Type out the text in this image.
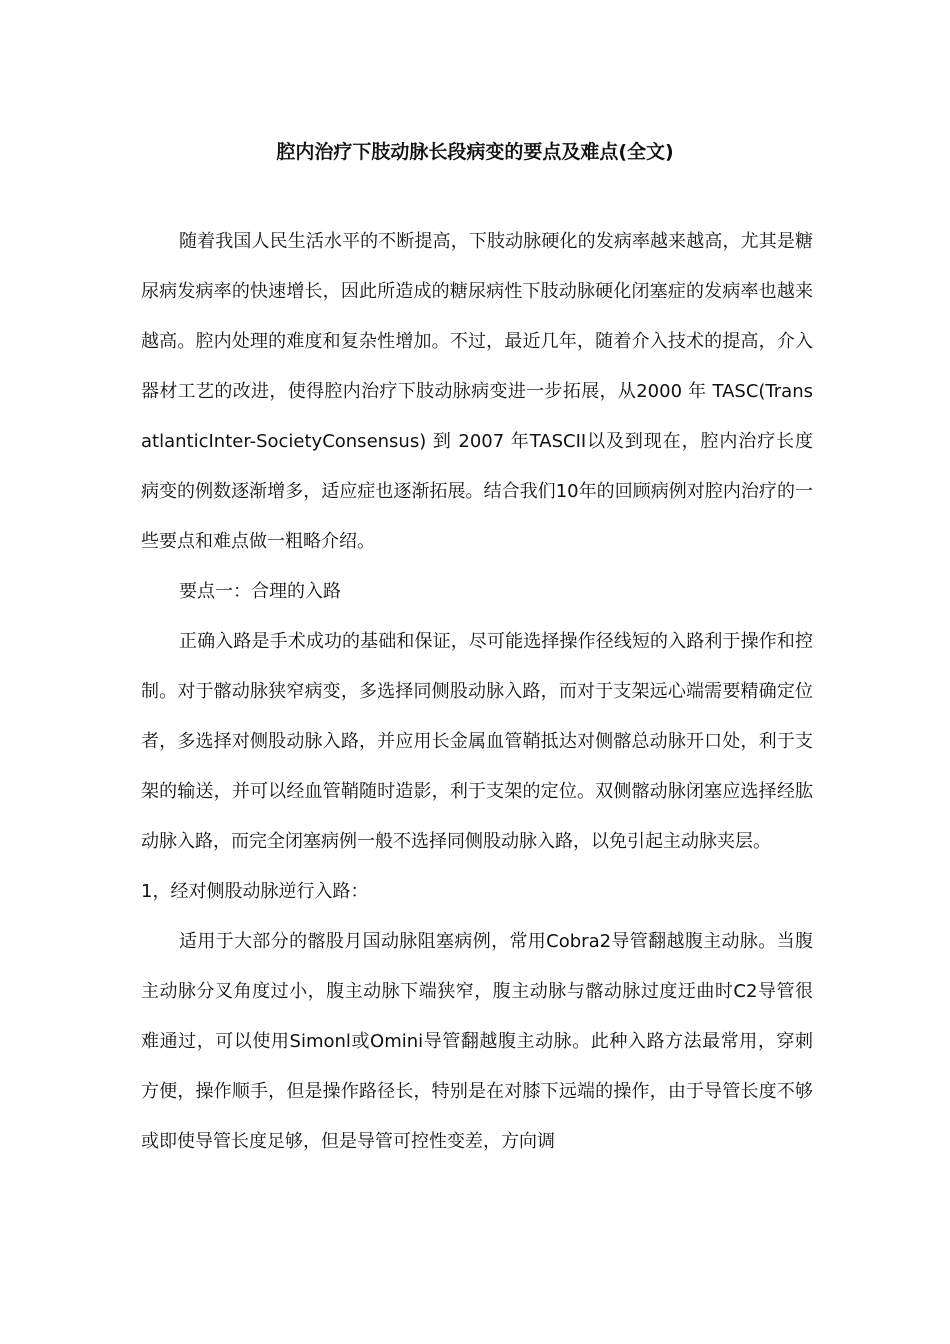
腔内治疗下肢动脉长段病变的要点及难点(全文)

随着我国人民生活水平的不断提高，下肢动脉硬化的发病率越来越高，尤其是糖尿病发病率的快速增长，因此所造成的糖尿病性下肢动脉硬化闭塞症的发病率也越来越高。腔内处理的难度和复杂性增加。不过，最近几年，随着介入技术的提高，介入器材工艺的改进，使得腔内治疗下肢动脉病变进一步拓展，从2000 年 TASC(TransatlanticInter-SocietyConsensus) 到 2007 年TASCII以及到现在，腔内治疗长度病变的例数逐渐增多，适应症也逐渐拓展。结合我们10年的回顾病例对腔内治疗的一些要点和难点做一粗略介绍。

要点一：合理的入路

正确入路是手术成功的基础和保证，尽可能选择操作径线短的入路利于操作和控制。对于髂动脉狭窄病变，多选择同侧股动脉入路，而对于支架远心端需要精确定位者，多选择对侧股动脉入路，并应用长金属血管鞘抵达对侧髂总动脉开口处，利于支架的输送，并可以经血管鞘随时造影，利于支架的定位。双侧髂动脉闭塞应选择经肱动脉入路，而完全闭塞病例一般不选择同侧股动脉入路，以免引起主动脉夹层。

1，经对侧股动脉逆行入路：

适用于大部分的髂股月国动脉阻塞病例，常用Cobra2导管翻越腹主动脉。当腹主动脉分叉角度过小，腹主动脉下端狭窄，腹主动脉与髂动脉过度迂曲时C2导管很难通过，可以使用Simonl或Omini导管翻越腹主动脉。此种入路方法最常用，穿刺方便，操作顺手，但是操作路径长，特别是在对膝下远端的操作，由于导管长度不够或即使导管长度足够，但是导管可控性变差，方向调
